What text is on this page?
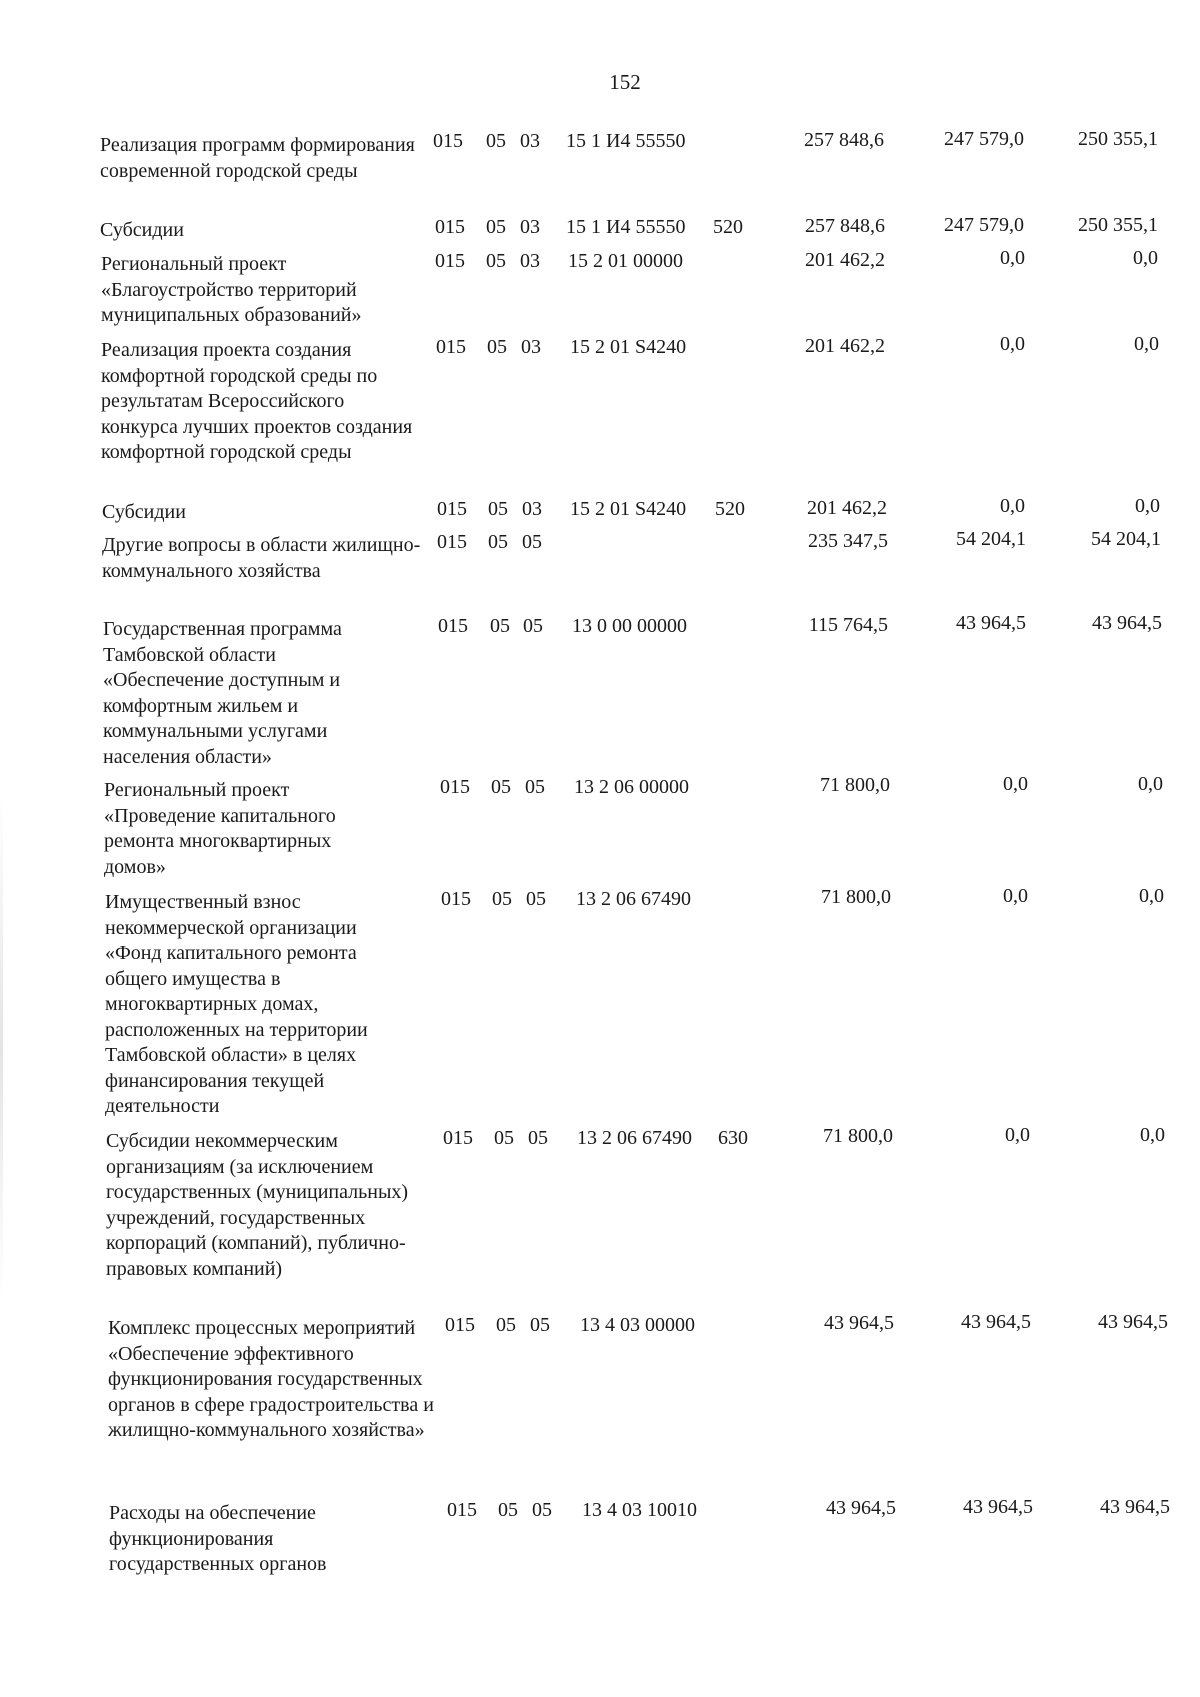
152
Реализация программ формирования современной городской среды
015 05 03 15 1 И4 55550	257 848,6	247 579,0	250 355,1
Субсидии	015 05 03 15 1 И4 55550 520	257 848,6	247 579,0	250 355,1
Региональный проект «Благоустройство территорий муниципальных образований»
015 05 03 15 2 01 00000	201 462,2	0,0	0,0
Реализация проекта создания комфортной городской среды по результатам Всероссийского конкурса лучших проектов создания комфортной городской среды
015 05 03 15 2 01 S4240	201 462,2	0,0	0,0
Субсидии	015 05 03 15 2 01 S4240 520	201 462,2	0,0	0,0
Другие вопросы в области жилищно-коммунального хозяйства
015 05 05	235 347,5	54 204,1	54 204,1
Государственная программа Тамбовской области «Обеспечение доступным и комфортным жильем и коммунальными услугами населения области»
015 05 05 13 0 00 00000	115 764,5	43 964,5	43 964,5
Региональный проект «Проведение капитального ремонта многоквартирных домов»
015 05 05 13 2 06 00000	71 800,0	0,0	0,0
Имущественный взнос некоммерческой организации «Фонд капитального ремонта общего имущества в многоквартирных домах, расположенных на территории Тамбовской области» в целях финансирования текущей деятельности
015 05 05 13 2 06 67490	71 800,0	0,0	0,0
Субсидии некоммерческим организациям (за исключением государственных (муниципальных) учреждений, государственных корпораций (компаний), публично-правовых компаний)
015 05 05 13 2 06 67490 630	71 800,0	0,0	0,0
Комплекс процессных мероприятий «Обеспечение эффективного функционирования государственных органов в сфере градостроительства и жилищно-коммунального хозяйства»
015 05 05 13 4 03 00000	43 964,5	43 964,5	43 964,5
Расходы на обеспечение функционирования государственных органов
015 05 05 13 4 03 10010	43 964,5	43 964,5	43 964,5
